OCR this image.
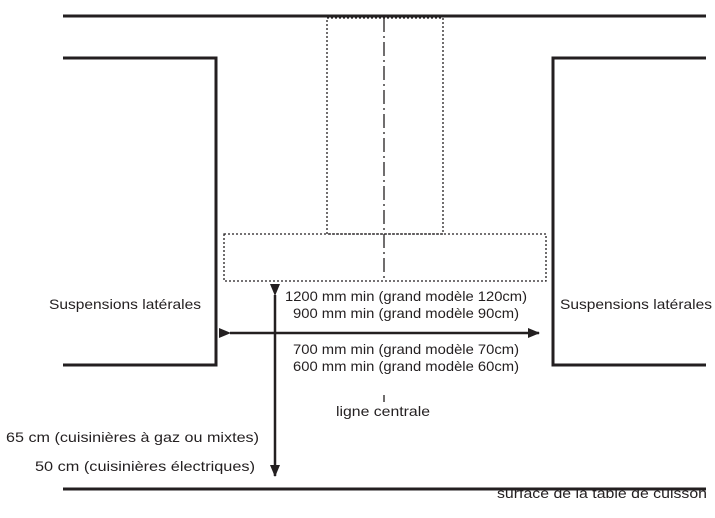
Suspensions latérales	Suspensions latérales
1200 mm min (grand modèle 120cm)
900 mm min (grand modèle 90cm)
700 mm min (grand modèle 70cm)
600 mm min (grand modèle 60cm)
ligne centrale
65 cm (cuisinières à gaz ou mixtes)
50 cm (cuisinières électriques)
surface de la table de cuisson
